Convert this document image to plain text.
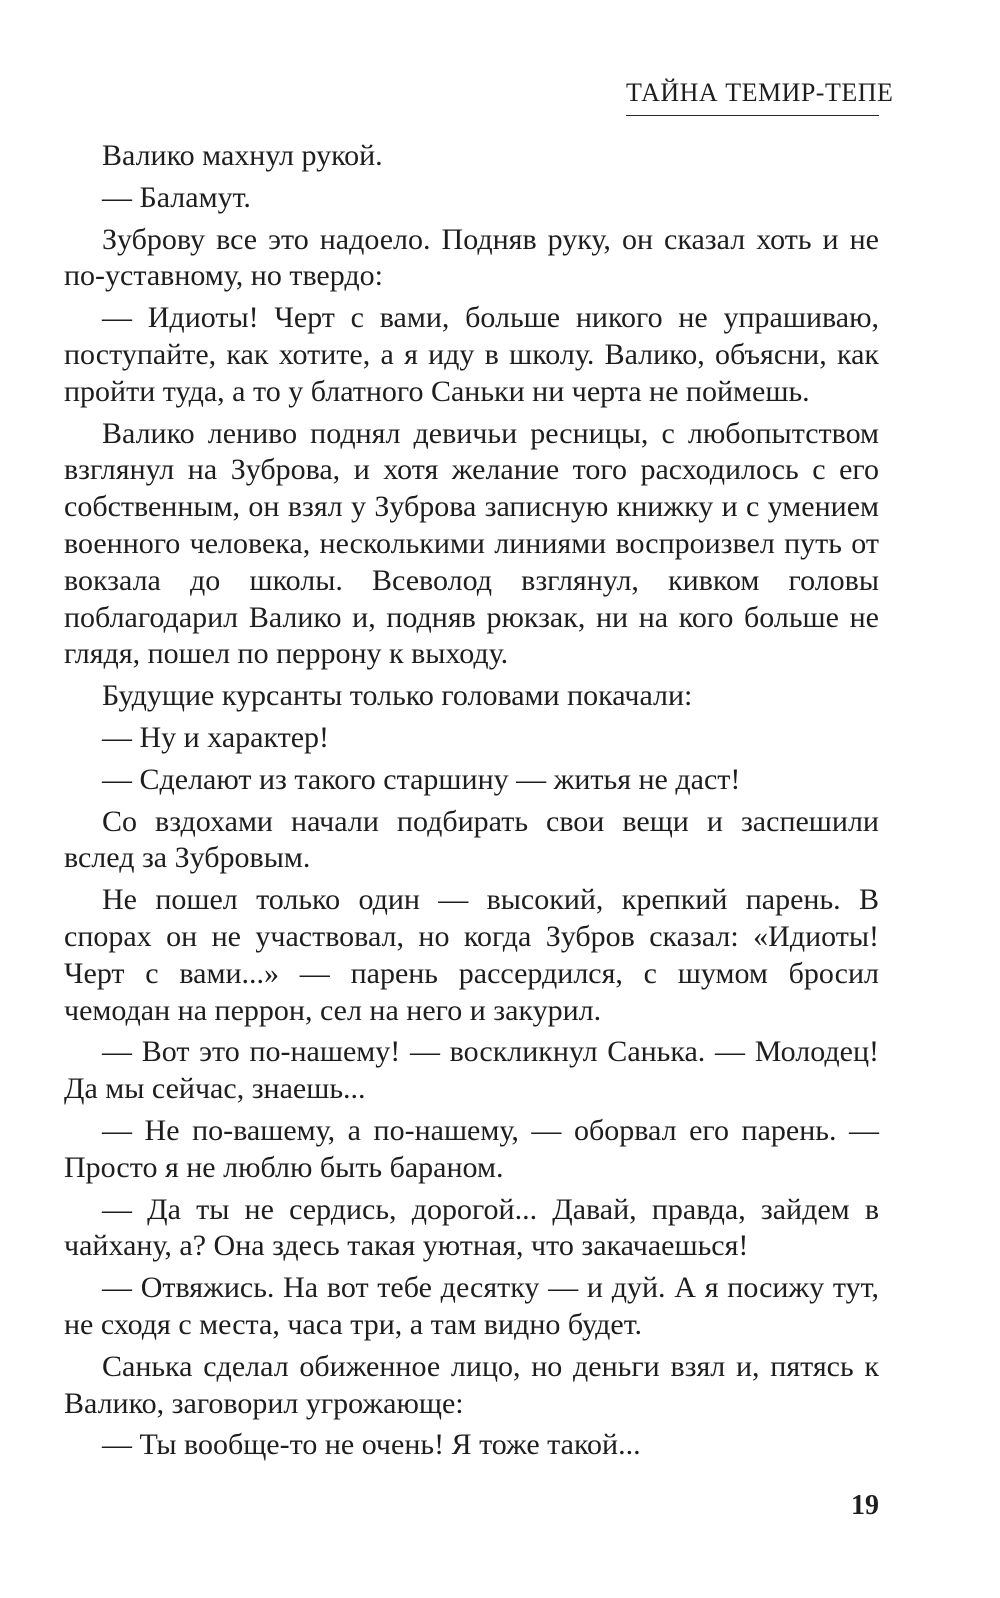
ТАЙНА ТЕМИР-ТЕПЕ

Валико махнул рукой.

— Баламут.

Зуброву все это надоело. Подняв руку, он сказал хоть и не по-уставному, но твердо:

— Идиоты! Черт с вами, больше никого не упрашиваю, поступайте, как хотите, а я иду в школу. Валико, объясни, как пройти туда, а то у блатного Саньки ни черта не поймешь.

Валико лениво поднял девичьи ресницы, с любопытством взглянул на Зуброва, и хотя желание того расходилось с его собственным, он взял у Зуброва записную книжку и с умением военного человека, несколькими линиями воспроизвел путь от вокзала до школы. Всеволод взглянул, кивком головы поблагодарил Валико и, подняв рюкзак, ни на кого больше не глядя, пошел по перрону к выходу.

Будущие курсанты только головами покачали:

— Ну и характер!

— Сделают из такого старшину — житья не даст!

Со вздохами начали подбирать свои вещи и заспешили вслед за Зубровым.

Не пошел только один — высокий, крепкий парень. В спорах он не участвовал, но когда Зубров сказал: «Идиоты! Черт с вами...» — парень рассердился, с шумом бросил чемодан на перрон, сел на него и закурил.

— Вот это по-нашему! — воскликнул Санька. — Молодец! Да мы сейчас, знаешь...

— Не по-вашему, а по-нашему, — оборвал его парень. — Просто я не люблю быть бараном.

— Да ты не сердись, дорогой... Давай, правда, зайдем в чайхану, а? Она здесь такая уютная, что закачаешься!

— Отвяжись. На вот тебе десятку — и дуй. А я посижу тут, не сходя с места, часа три, а там видно будет.

Санька сделал обиженное лицо, но деньги взял и, пятясь к Валико, заговорил угрожающе:

— Ты вообще-то не очень! Я тоже такой...

19
